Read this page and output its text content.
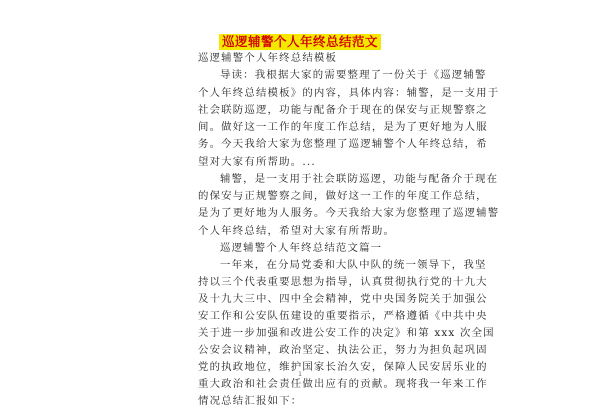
巡逻辅警个人年终总结范文
巡逻辅警个人年终总结模板
导读：我根据大家的需要整理了一份关于《巡逻辅警
个人年终总结模板》的内容，具体内容：辅警，是一支用于
社会联防巡逻，功能与配备介于现在的保安与正规警察之
间。做好这一工作的年度工作总结，是为了更好地为人服
务。今天我给大家为您整理了巡逻辅警个人年终总结，希
望对大家有所帮助。...
辅警，是一支用于社会联防巡逻，功能与配备介于现在
的保安与正规警察之间，做好这一工作的年度工作总结，
是为了更好地为人服务。今天我给大家为您整理了巡逻辅警
个人年终总结，希望对大家有所帮助。
巡逻辅警个人年终总结范文篇一
一年来，在分局党委和大队中队的统一领导下，我坚
持以三个代表重要思想为指导，认真贯彻执行党的十九大
及十九大三中、四中全会精神，党中央国务院关于加强公
安工作和公安队伍建设的重要指示，严格遵循《中共中央
关于进一步加强和改进公安工作的决定》和第 xxx 次全国
公安会议精神，政治坚定、执法公正，努力为担负起巩固
党的执政地位，维护国家长治久安，保障人民安居乐业的
重大政治和社会责任做出应有的贡献。现将我一年来工作
情况总结汇报如下：
1
